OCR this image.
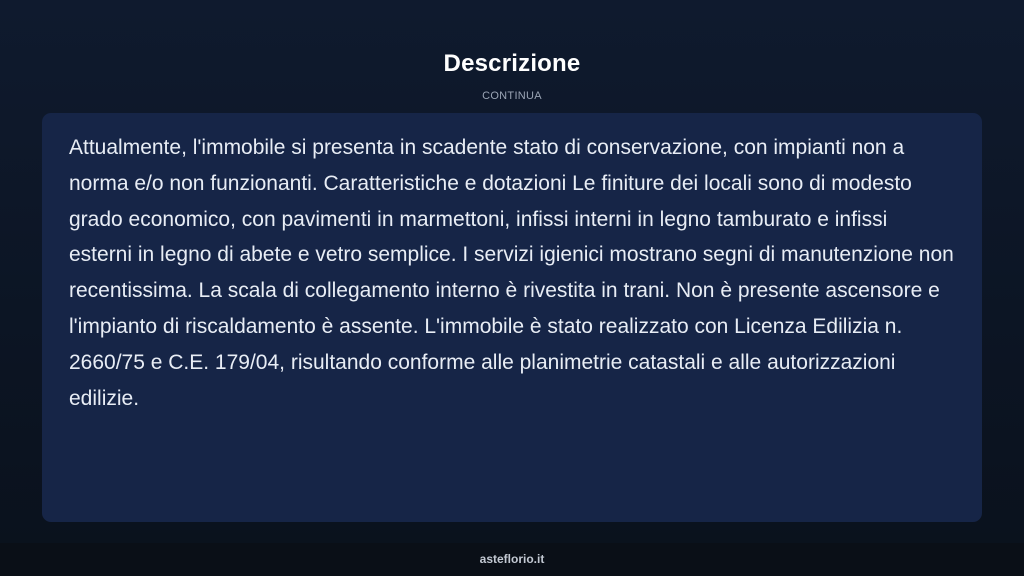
Descrizione
CONTINUA

Attualmente, l'immobile si presenta in scadente stato di conservazione, con impianti non a norma e/o non funzionanti. Caratteristiche e dotazioni Le finiture dei locali sono di modesto grado economico, con pavimenti in marmettoni, infissi interni in legno tamburato e infissi esterni in legno di abete e vetro semplice. I servizi igienici mostrano segni di manutenzione non recentissima. La scala di collegamento interno è rivestita in trani. Non è presente ascensore e l'impianto di riscaldamento è assente. L'immobile è stato realizzato con Licenza Edilizia n. 2660/75 e C.E. 179/04, risultando conforme alle planimetrie catastali e alle autorizzazioni edilizie.

asteflorio.it
